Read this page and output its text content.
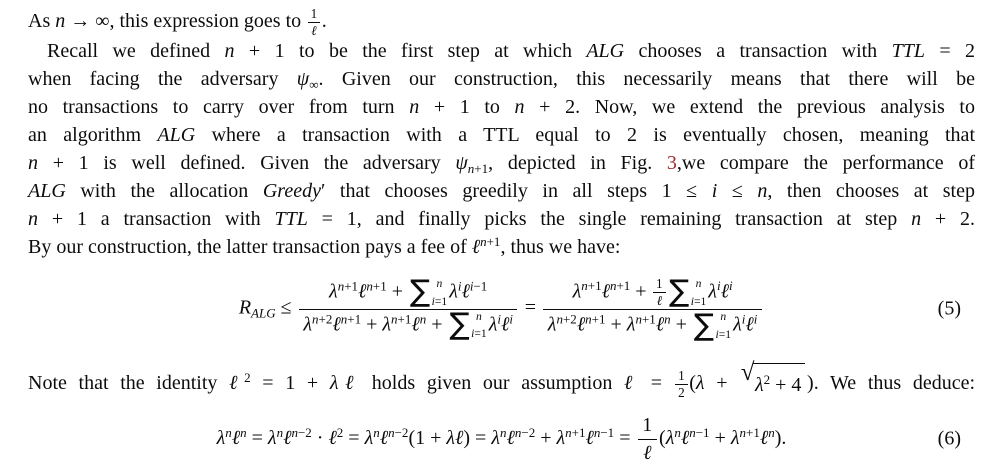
As n → ∞, this expression goes to $\frac{1}{\text{ℓ}}$ .
Recall we defined n + 1 to be the first step at which ALG chooses a transaction with TTL = 2
when facing the adversary ψ∞. Given our construction, this necessarily means that there will be
no transactions to carry over from turn n + 1 to n + 2. Now, we extend the previous analysis to
an algorithm ALG where a transaction with a TTL equal to 2 is eventually chosen, meaning that
n + 1 is well defined. Given the adversary ψn+1, depicted in Fig. 3,we compare the performance of
ALG with the allocation Greedy′ that chooses greedily in all steps 1 ≤ i ≤ n, then chooses at step
n + 1 a transaction with TTL = 1, and finally picks the single remaining transaction at step n + 2.
By our construction, the latter transaction pays a fee of ℓ$^{n+1}$, thus we have:
RALG ≤ $\lambda^{n+1}\ell^{n+1}$ + ∑ n
i=1 $\lambda^i\ell^{i-1}$
$\lambda^{n+2}\ell^{n+1}$ + $\lambda^{n+1}\ell^n$ + ∑ n
i=1 $\lambda^i\ell^i$ = $\lambda^{n+1}\ell^{n+1} + \frac{1}{\text{ℓ}}$ ∑ n
i=1 $\lambda^i\ell^i$
$\lambda^{n+2}\ell^{n+1}$ + $\lambda^{n+1}\ell^n$ + ∑ n
i=1 $\lambda^i\ell^i$	(5)
Note that the identity ℓ$^2$ = 1 + λℓ holds given our assumption ℓ = $\frac{1}{2} (\lambda$ + √ $\lambda^2 + 4$ ). We thus deduce:
$\lambda^n\ell^n$ = $\lambda^n\ell^{n-2}$ · ℓ$^2$ = $\lambda^n\ell^{n-2}(1$ + λℓ) = $\lambda^n\ell^{n-2}$ + $\lambda^{n+1}\ell^{n-1} = \frac{1}{\text{ℓ}}$ ($\lambda^n\ell^{n-1}$ + $\lambda^{n+1}\ell^n$).	(6)
